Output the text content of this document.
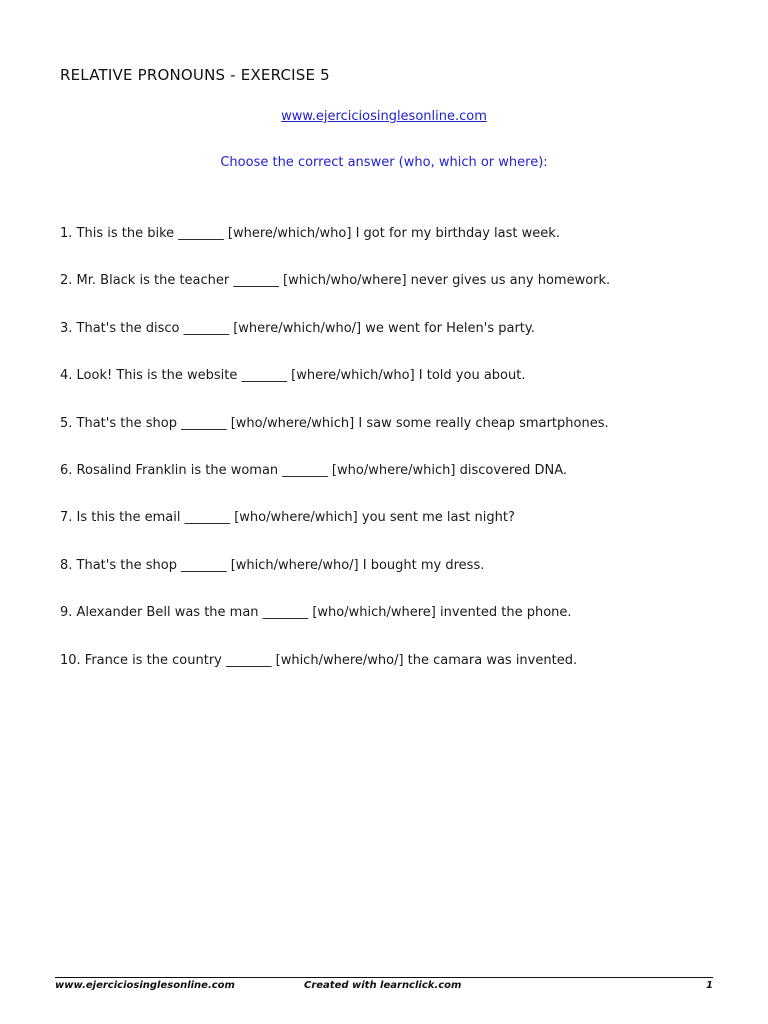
RELATIVE PRONOUNS - EXERCISE 5
www.ejerciciosinglesonline.com
Choose the correct answer (who, which or where):
1. This is the bike _______ [where/which/who] I got for my birthday last week.
2. Mr. Black is the teacher _______ [which/who/where] never gives us any homework.
3. That's the disco _______ [where/which/who/] we went for Helen's party.
4. Look! This is the website _______ [where/which/who] I told you about.
5. That's the shop _______ [who/where/which] I saw some really cheap smartphones.
6. Rosalind Franklin is the woman _______ [who/where/which] discovered DNA.
7. Is this the email _______ [who/where/which] you sent me last night?
8. That's the shop _______ [which/where/who/] I bought my dress.
9. Alexander Bell was the man _______ [who/which/where] invented the phone.
10. France is the country _______ [which/where/who/] the camara was invented.
www.ejerciciosinglesonline.com	Created with learnclick.com	1
